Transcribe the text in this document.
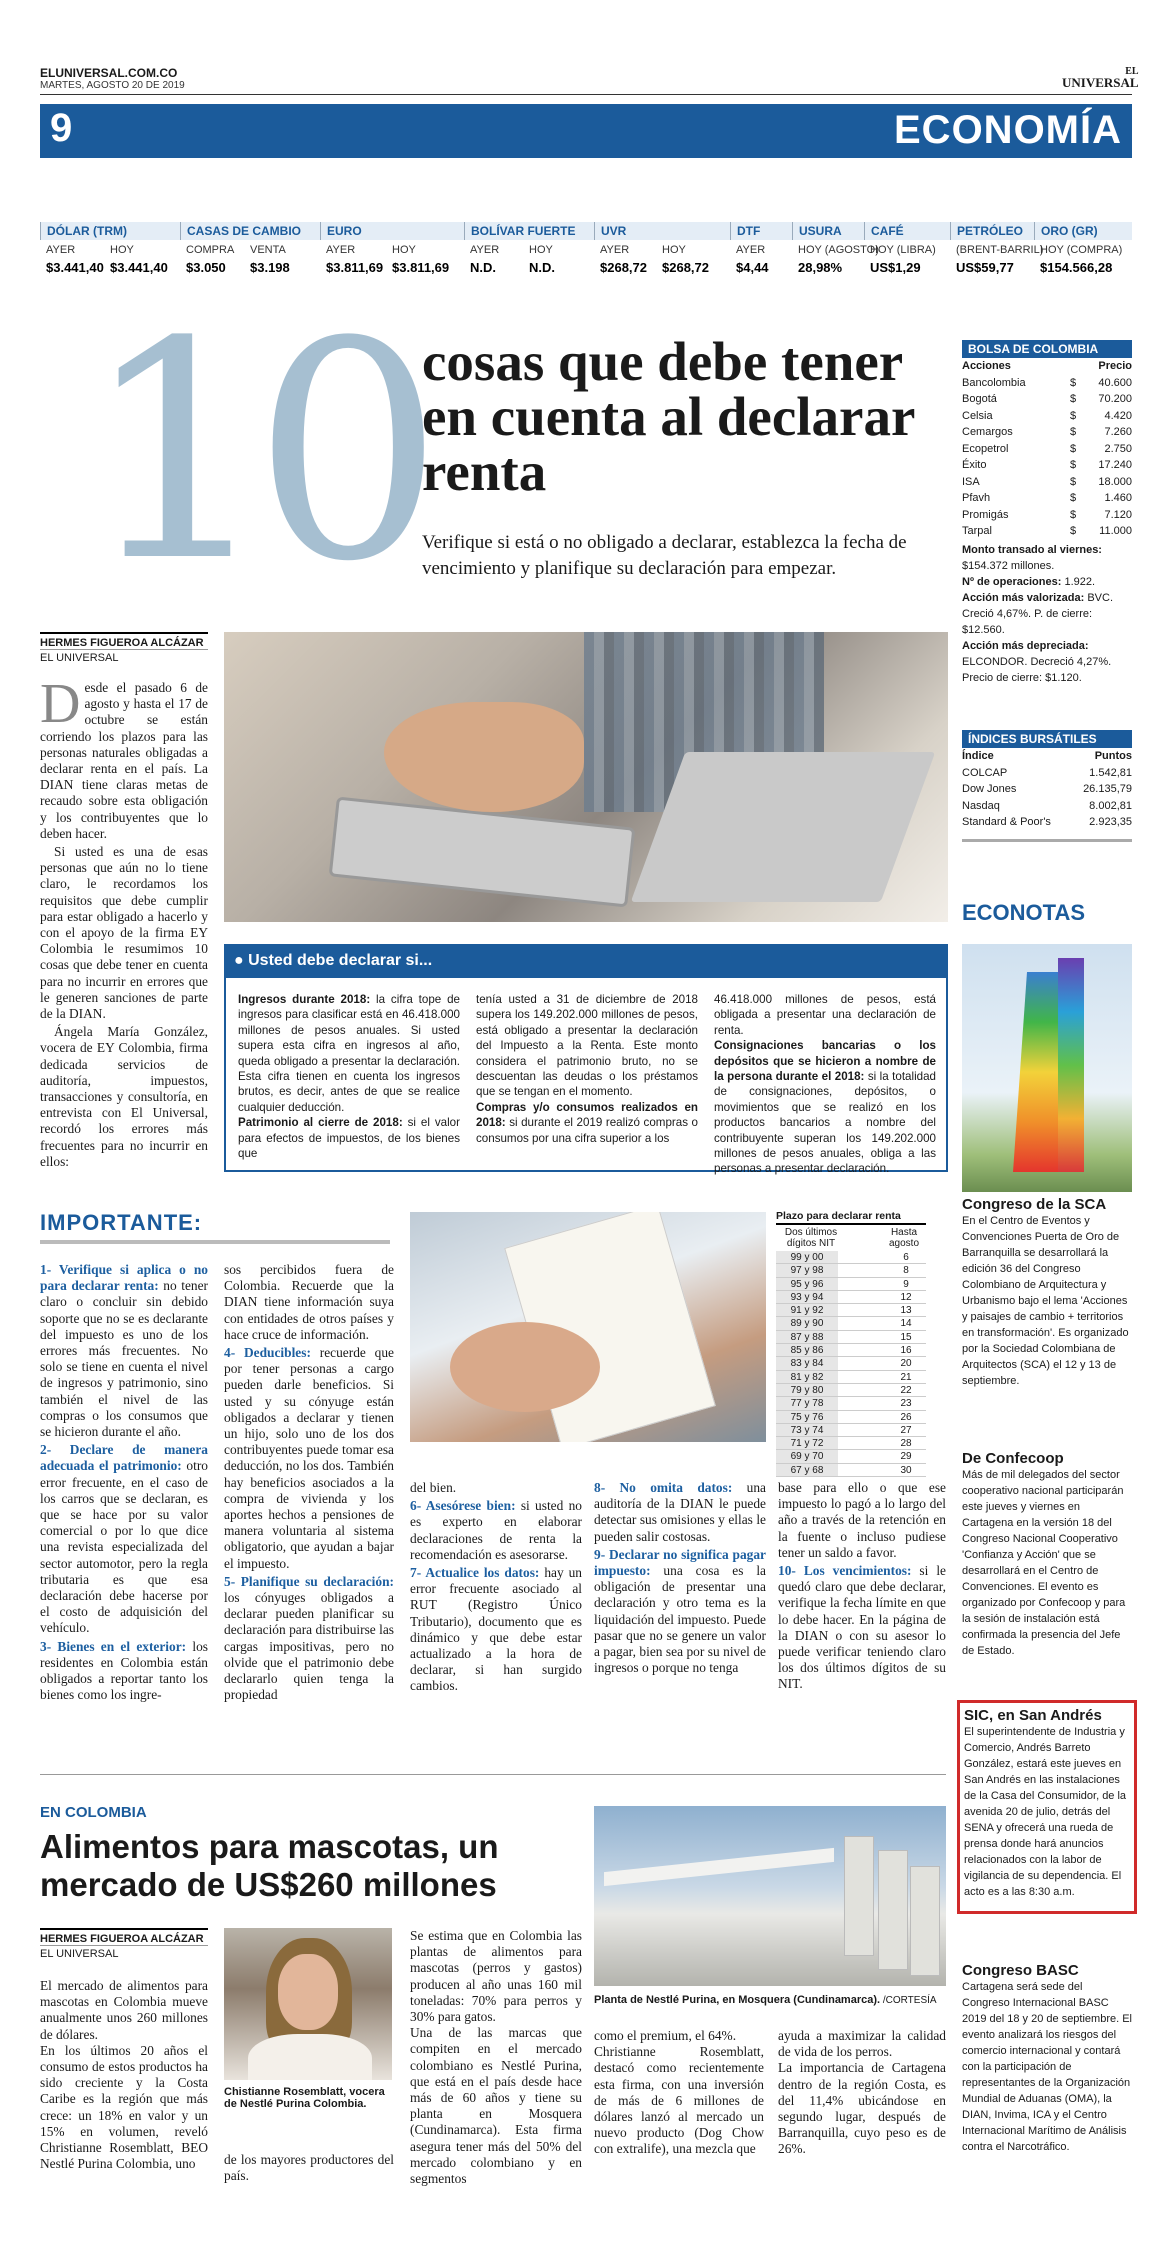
ELUNIVERSAL.COM.CO
MARTES, AGOSTO 20 DE 2019
EL
UNIVERSAL
9	ECONOMÍA
DÓLAR (TRM)
AYER	HOY
$3.441,40 $3.441,40
CASAS DE CAMBIO
COMPRA	VENTA
$3.050	$3.198
EURO
AYER	HOY
$3.811,69 $3.811,69
BOLÍVAR FUERTE
AYER	HOY
N.D.	N.D.
UVR
AYER	HOY
$268,72	$268,72
DTF
AYER
$4,44
USURA
HOY (AGOSTO)
28,98%
CAFÉ
HOY (LIBRA)
US$1,29
PETRÓLEO
(BRENT-BARRIL)
US$59,77
ORO (GR)
HOY (COMPRA)
$154.566,28
10
cosas que debe tener en cuenta al declarar renta
Verifique si está o no obligado a declarar, establezca la fecha de vencimiento y planifique su declaración para empezar.
HERMES FIGUEROA ALCÁZAR
EL UNIVERSAL

Desde el pasado 6 de agosto y hasta el 17 de octubre se están corriendo los plazos para las personas naturales obligadas a declarar renta en el país. La DIAN tiene claras metas de recaudo sobre esta obligación y los contribuyentes que lo deben hacer.

Si usted es una de esas personas que aún no lo tiene claro, le recordamos los requisitos que debe cumplir para estar obligado a hacerlo y con el apoyo de la firma EY Colombia le resumimos 10 cosas que debe tener en cuenta para no incurrir en errores que le generen sanciones de parte de la DIAN.

Ángela María González, vocera de EY Colombia, firma dedicada servicios de auditoría, impuestos, transacciones y consultoría, en entrevista con El Universal, recordó los errores más frecuentes para no incurrir en ellos:

● Usted debe declarar si...
Ingresos durante 2018: la cifra tope de ingresos para clasificar está en 46.418.000 millones de pesos anuales. Si usted supera esta cifra en ingresos al año, queda obligado a presentar la declaración. Esta cifra tienen en cuenta los ingresos brutos, es decir, antes de que se realice cualquier deducción.
Patrimonio al cierre de 2018: si el valor para efectos de impuestos, de los bienes que
tenía usted a 31 de diciembre de 2018 supera los 149.202.000 millones de pesos, está obligado a presentar la declaración del Impuesto a la Renta. Este monto considera el patrimonio bruto, no se descuentan las deudas o los préstamos que se tengan en el momento.
Compras y/o consumos realizados en 2018: si durante el 2019 realizó compras o consumos por una cifra superior a los
46.418.000 millones de pesos, está obligada a presentar una declaración de renta.
Consignaciones bancarias o los depósitos que se hicieron a nombre de la persona durante el 2018: si la totalidad de consignaciones, depósitos, o movimientos que se realizó en los productos bancarios a nombre del contribuyente superan los 149.202.000 millones de pesos anuales, obliga a las personas a presentar declaración.
IMPORTANTE:

1- Verifique si aplica o no para declarar renta: no tener claro o concluir sin debido soporte que no se es declarante del impuesto es uno de los errores más frecuentes. No solo se tiene en cuenta el nivel de ingresos y patrimonio, sino también el nivel de las compras o los consumos que se hicieron durante el año.

2- Declare de manera adecuada el patrimonio: otro error frecuente, en el caso de los carros que se declaran, es que se hace por su valor comercial o por lo que dice una revista especializada del sector automotor, pero la regla tributaria es que esa declaración debe hacerse por el costo de adquisición del vehículo.

3- Bienes en el exterior: los residentes en Colombia están obligados a reportar tanto los bienes como los ingre-

sos percibidos fuera de Colombia. Recuerde que la DIAN tiene información suya con entidades de otros países y hace cruce de información.

4- Deducibles: recuerde que por tener personas a cargo pueden darle beneficios. Si usted y su cónyuge están obligados a declarar y tienen un hijo, solo uno de los dos contribuyentes puede tomar esa deducción, no los dos. También hay beneficios asociados a la compra de vivienda y los aportes hechos a pensiones de manera voluntaria al sistema obligatorio, que ayudan a bajar el impuesto.

5- Planifique su declaración: los cónyuges obligados a declarar pueden planificar su declaración para distribuirse las cargas impositivas, pero no olvide que el patrimonio debe declararlo quien tenga la propiedad

del bien.

6- Asesórese bien: si usted no es experto en elaborar declaraciones de renta la recomendación es asesorarse.

7- Actualice los datos: hay un error frecuente asociado al RUT (Registro Único Tributario), documento que es dinámico y que debe estar actualizado a la hora de declarar, si han surgido cambios.

8- No omita datos: una auditoría de la DIAN le puede detectar sus omisiones y ellas le pueden salir costosas.

9- Declarar no significa pagar impuesto: una cosa es la obligación de presentar una declaración y otro tema es la liquidación del impuesto. Puede pasar que no se genere un valor a pagar, bien sea por su nivel de ingresos o porque no tenga

base para ello o que ese impuesto lo pagó a lo largo del año a través de la retención en la fuente o incluso pudiese tener un saldo a favor.

10- Los vencimientos: si le quedó claro que debe declarar, verifique la fecha límite en que lo debe hacer. En la página de la DIAN o con su asesor lo puede verificar teniendo claro los dos últimos dígitos de su NIT.

Plazo para declarar renta
Dos últimos dígitos NIT
Hasta agosto
99 y 00	6
97 y 98	8
95 y 96	9
93 y 94	12
91 y 92	13
89 y 90	14
87 y 88	15
85 y 86	16
83 y 84	20
81 y 82	21
79 y 80	22
77 y 78	23
75 y 76	26
73 y 74	27
71 y 72	28
69 y 70	29
67 y 68	30
BOLSA DE COLOMBIA
Acciones	Precio
Bancolombia	$	40.600
Bogotá	$	70.200
Celsia	$	4.420
Cemargos	$	7.260
Ecopetrol	$	2.750
Éxito	$	17.240
ISA	$	18.000
Pfavh	$	1.460
Promigás	$	7.120
Tarpal	$	11.000
Monto transado al viernes:
$154.372 millones.
Nº de operaciones: 1.922.
Acción más valorizada: BVC. Creció 4,67%. P. de cierre: $12.560.
Acción más depreciada: ELCONDOR. Decreció 4,27%. Precio de cierre: $1.120.
ÍNDICES BURSÁTILES
Índice	Puntos
COLCAP	1.542,81
Dow Jones	26.135,79
Nasdaq	8.002,81
Standard & Poor's	2.923,35
ECONOTAS
Congreso de la SCA
En el Centro de Eventos y Convenciones Puerta de Oro de Barranquilla se desarrollará la edición 36 del Congreso Colombiano de Arquitectura y Urbanismo bajo el lema 'Acciones y paisajes de cambio + territorios en transformación'. Es organizado por la Sociedad Colombiana de Arquitectos (SCA) el 12 y 13 de septiembre.
De Confecoop
Más de mil delegados del sector cooperativo nacional participarán este jueves y viernes en Cartagena en la versión 18 del Congreso Nacional Cooperativo 'Confianza y Acción' que se desarrollará en el Centro de Convenciones. El evento es organizado por Confecoop y para la sesión de instalación está confirmada la presencia del Jefe de Estado.
SIC, en San Andrés
El superintendente de Industria y Comercio, Andrés Barreto González, estará este jueves en San Andrés en las instalaciones de la Casa del Consumidor, de la avenida 20 de julio, detrás del SENA y ofrecerá una rueda de prensa donde hará anuncios relacionados con la labor de vigilancia de su dependencia. El acto es a las 8:30 a.m.
Congreso BASC
Cartagena será sede del Congreso Internacional BASC 2019 del 18 y 20 de septiembre. El evento analizará los riesgos del comercio internacional y contará con la participación de representantes de la Organización Mundial de Aduanas (OMA), la DIAN, Invima, ICA y el Centro Internacional Marítimo de Análisis contra el Narcotráfico.
EN COLOMBIA
Alimentos para mascotas, un mercado de US$260 millones
HERMES FIGUEROA ALCÁZAR
EL UNIVERSAL
El mercado de alimentos para mascotas en Colombia mueve anualmente unos 260 millones de dólares.
En los últimos 20 años el consumo de estos productos ha sido creciente y la Costa Caribe es la región que más crece: un 18% en valor y un 15% en volumen, reveló Christianne Rosemblatt, BEO Nestlé Purina Colombia, uno
Chistianne Rosemblatt, vocera de Nestlé Purina Colombia.
de los mayores productores del país.
Se estima que en Colombia las plantas de alimentos para mascotas (perros y gastos) producen al año unas 160 mil toneladas: 70% para perros y 30% para gatos.
Una de las marcas que compiten en el mercado colombiano es Nestlé Purina, que está en el país desde hace más de 60 años y tiene su planta en Mosquera (Cundinamarca). Esta firma asegura tener más del 50% del mercado colombiano y en segmentos
Planta de Nestlé Purina, en Mosquera (Cundinamarca). /CORTESÍA
como el premium, el 64%.
Christianne Rosemblatt, destacó como recientemente esta firma, con una inversión de más de 6 millones de dólares lanzó al mercado un nuevo producto (Dog Chow con extralife), una mezcla que
ayuda a maximizar la calidad de vida de los perros.
La importancia de Cartagena dentro de la región Costa, es del 11,4% ubicándose en segundo lugar, después de Barranquilla, cuyo peso es de 26%.
